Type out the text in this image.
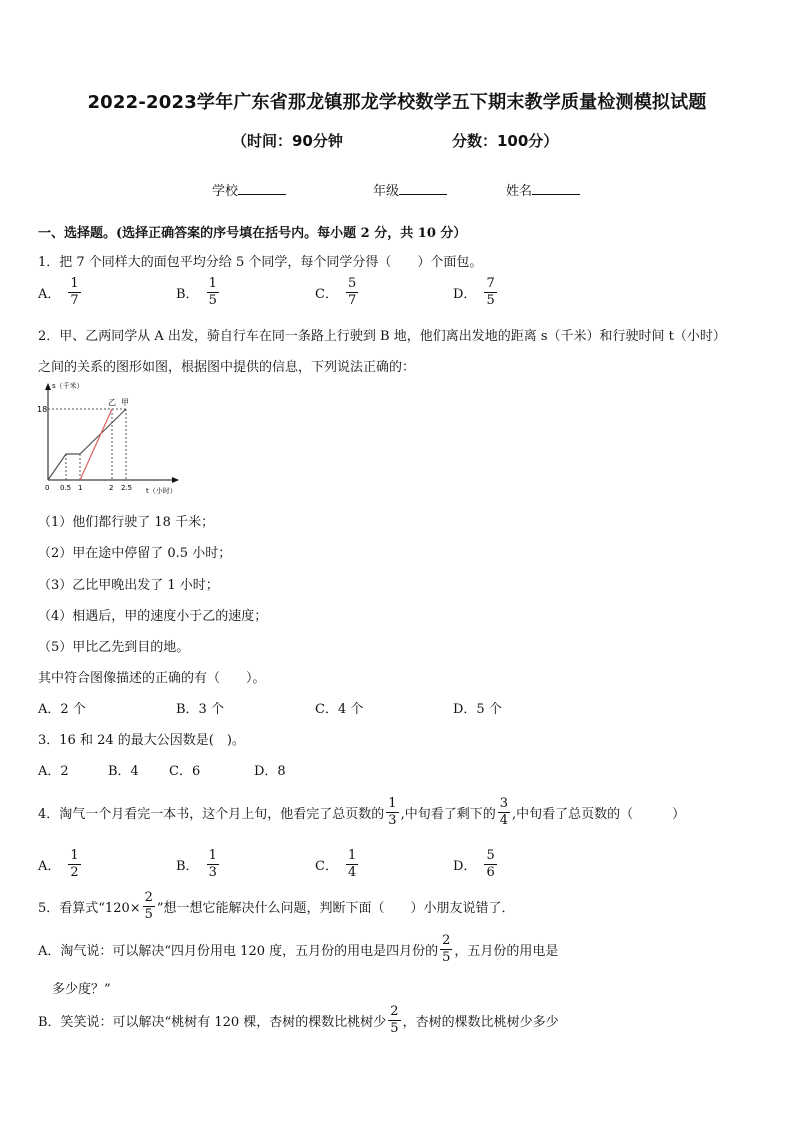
2022-2023学年广东省那龙镇那龙学校数学五下期末教学质量检测模拟试题
（时间：90分钟	分数：100分）
学校	年级	姓名
一、选择题。(选择正确答案的序号填在括号内。每小题 2 分，共 10 分）
1．把 7 个同样大的面包平均分给 5 个同学，每个同学分得（　　）个面包。
A． $\frac{1}{7}$	B． $\frac{1}{5}$	C． $\frac{5}{7}$	D． $\frac{7}{5}$
2．甲、乙两同学从 A 出发，骑自行车在同一条路上行驶到 B 地，他们离出发地的距离 s（千米）和行驶时间 t（小时）
之间的关系的图形如图，根据图中提供的信息，下列说法正确的：
s（千米）
t（小时）
18
乙 甲
0 0.5 1	2 2.5
（1）他们都行驶了 18 千米；
（2）甲在途中停留了 0.5 小时；
（3）乙比甲晚出发了 1 小时；
（4）相遇后，甲的速度小于乙的速度；
（5）甲比乙先到目的地。
其中符合图像描述的正确的有（　　）。
A．2 个	B．3 个	C．4 个	D．5 个
3．16 和 24 的最大公因数是(　)。
A．2	B．4 C．6	D．8
4．淘气一个月看完一本书，这个月上旬，他看完了总页数的 $\frac{1}{3}$ ,中旬看了剩下的 $\frac{3}{4}$ ,中旬看了总页数的（　　　）
A． $\frac{1}{2}$	B． $\frac{1}{3}$	C． $\frac{1}{4}$	D． $\frac{5}{6}$
5．看算式“$120\times \frac{2}{5}$ ”想一想它能解决什么问题，判断下面（　　）小朋友说错了．
A．淘气说：可以解决“四月份用电 120 度，五月份的用电是四月份的 $\frac{2}{5}$ ，五月份的用电是
多少度？”
B．笑笑说：可以解决“桃树有 120 棵，杏树的棵数比桃树少 $\frac{2}{5}$ ，杏树的棵数比桃树少多少
